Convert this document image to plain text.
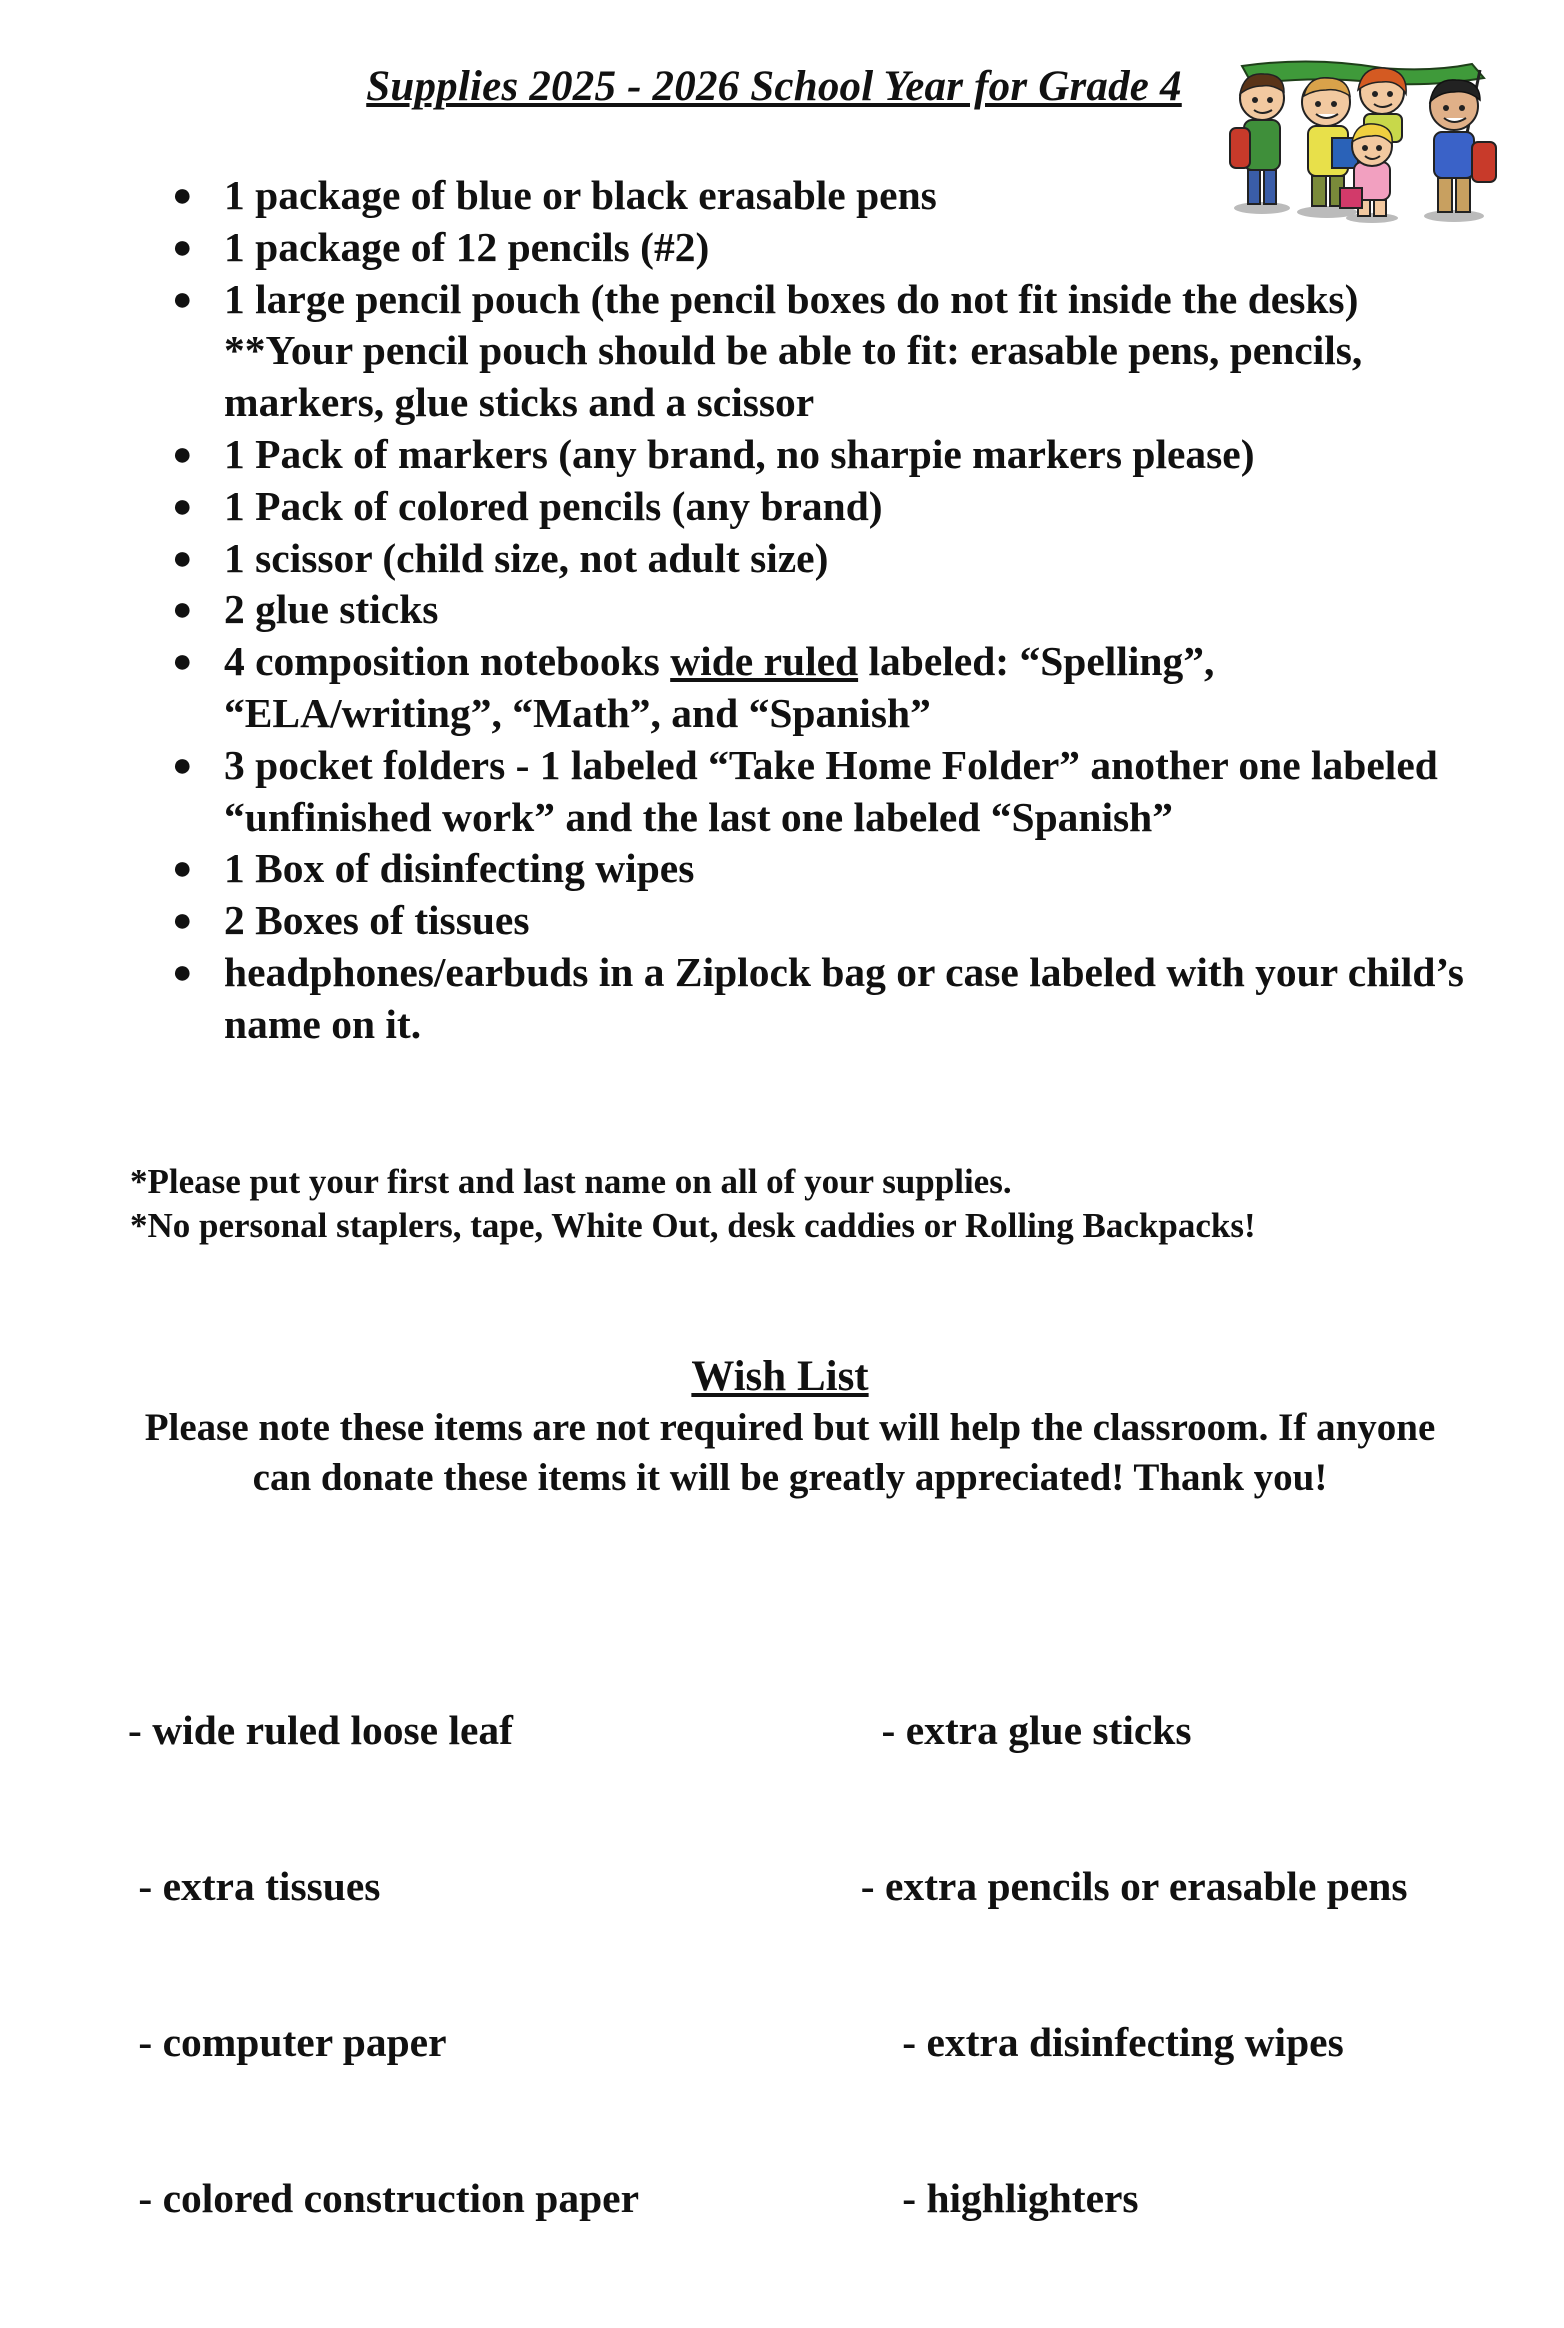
Supplies 2025 - 2026 School Year for Grade 4
● 1 package of blue or black erasable pens
● 1 package of 12 pencils (#2)
● 1 large pencil pouch (the pencil boxes do not fit inside the desks)
**Your pencil pouch should be able to fit: erasable pens, pencils, markers, glue sticks and a scissor
● 1 Pack of markers (any brand, no sharpie markers please)
● 1 Pack of colored pencils (any brand)
● 1 scissor (child size, not adult size)
● 2 glue sticks
● 4 composition notebooks wide ruled labeled: “Spelling”, “ELA/writing”, “Math”, and “Spanish”
● 3 pocket folders - 1 labeled “Take Home Folder” another one labeled “unfinished work” and the last one labeled “Spanish”
● 1 Box of disinfecting wipes
● 2 Boxes of tissues
● headphones/earbuds in a Ziplock bag or case labeled with your child’s name on it.
*Please put your first and last name on all of your supplies.
*No personal staplers, tape, White Out, desk caddies or Rolling Backpacks!
Wish List
Please note these items are not required but will help the classroom. If anyone can donate these items it will be greatly appreciated! Thank you!

- wide ruled loose leaf

- extra tissues

- computer paper

- colored construction paper

- extra glue sticks

- extra pencils or erasable pens

- extra disinfecting wipes

- highlighters
